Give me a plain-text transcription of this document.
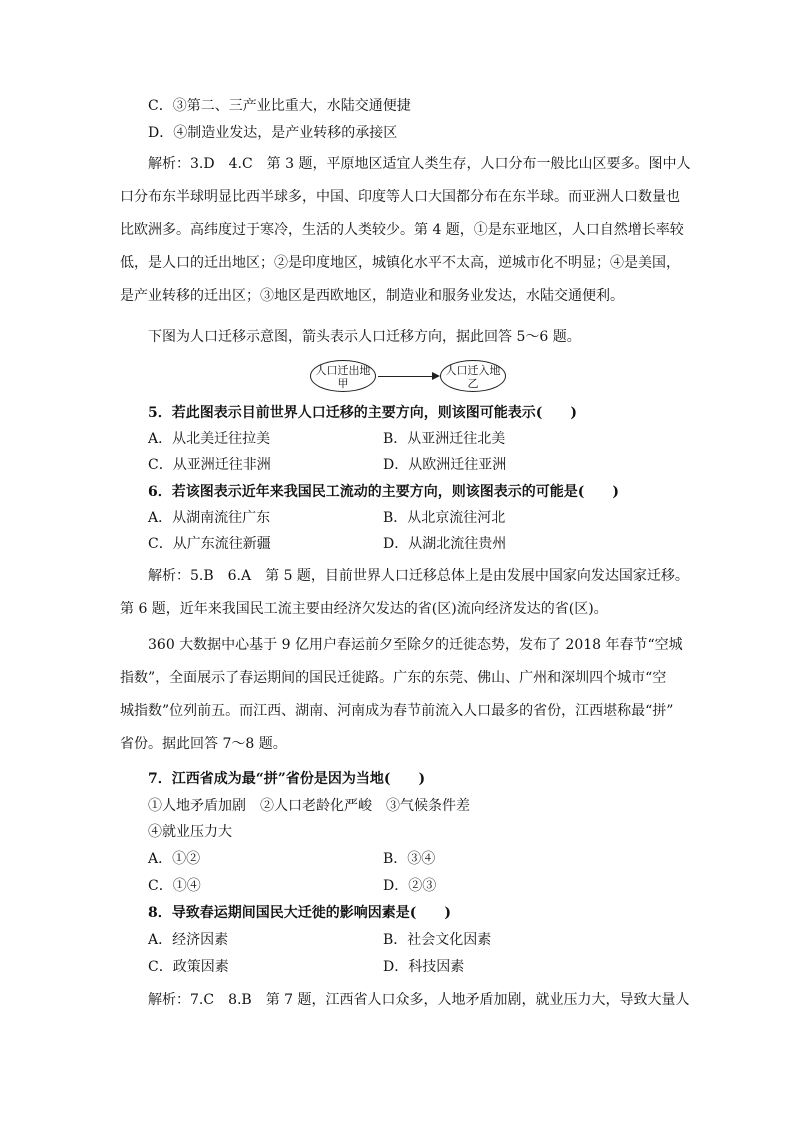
C．③第二、三产业比重大，水陆交通便捷
D．④制造业发达，是产业转移的承接区
解析：3.D　4.C　第 3 题，平原地区适宜人类生存，人口分布一般比山区要多。图中人
口分布东半球明显比西半球多，中国、印度等人口大国都分布在东半球。而亚洲人口数量也
比欧洲多。高纬度过于寒冷，生活的人类较少。第 4 题，①是东亚地区，人口自然增长率较
低，是人口的迁出地区；②是印度地区，城镇化水平不太高，逆城市化不明显；④是美国，
是产业转移的迁出区；③地区是西欧地区，制造业和服务业发达，水陆交通便利。
下图为人口迁移示意图，箭头表示人口迁移方向，据此回答 5～6 题。
人口迁出地
甲
人口迁入地
乙
5．若此图表示目前世界人口迁移的主要方向，则该图可能表示(　　)
A．从北美迁往拉美	B．从亚洲迁往北美
C．从亚洲迁往非洲	D．从欧洲迁往亚洲
6．若该图表示近年来我国民工流动的主要方向，则该图表示的可能是(　　)
A．从湖南流往广东	B．从北京流往河北
C．从广东流往新疆	D．从湖北流往贵州
解析：5.B　6.A　第 5 题，目前世界人口迁移总体上是由发展中国家向发达国家迁移。
第 6 题，近年来我国民工流主要由经济欠发达的省(区)流向经济发达的省(区)。
360 大数据中心基于 9 亿用户春运前夕至除夕的迁徙态势，发布了 2018 年春节“空城
指数”，全面展示了春运期间的国民迁徙路。广东的东莞、佛山、广州和深圳四个城市“空
城指数”位列前五。而江西、湖南、河南成为春节前流入人口最多的省份，江西堪称最“拼”
省份。据此回答 7～8 题。
7．江西省成为最“拼”省份是因为当地(　　)
①人地矛盾加剧　②人口老龄化严峻　③气候条件差
④就业压力大
A．①②	B．③④
C．①④	D．②③
8．导致春运期间国民大迁徙的影响因素是(　　)
A．经济因素	B．社会文化因素
C．政策因素	D．科技因素
解析：7.C　8.B　第 7 题，江西省人口众多，人地矛盾加剧，就业压力大，导致大量人
